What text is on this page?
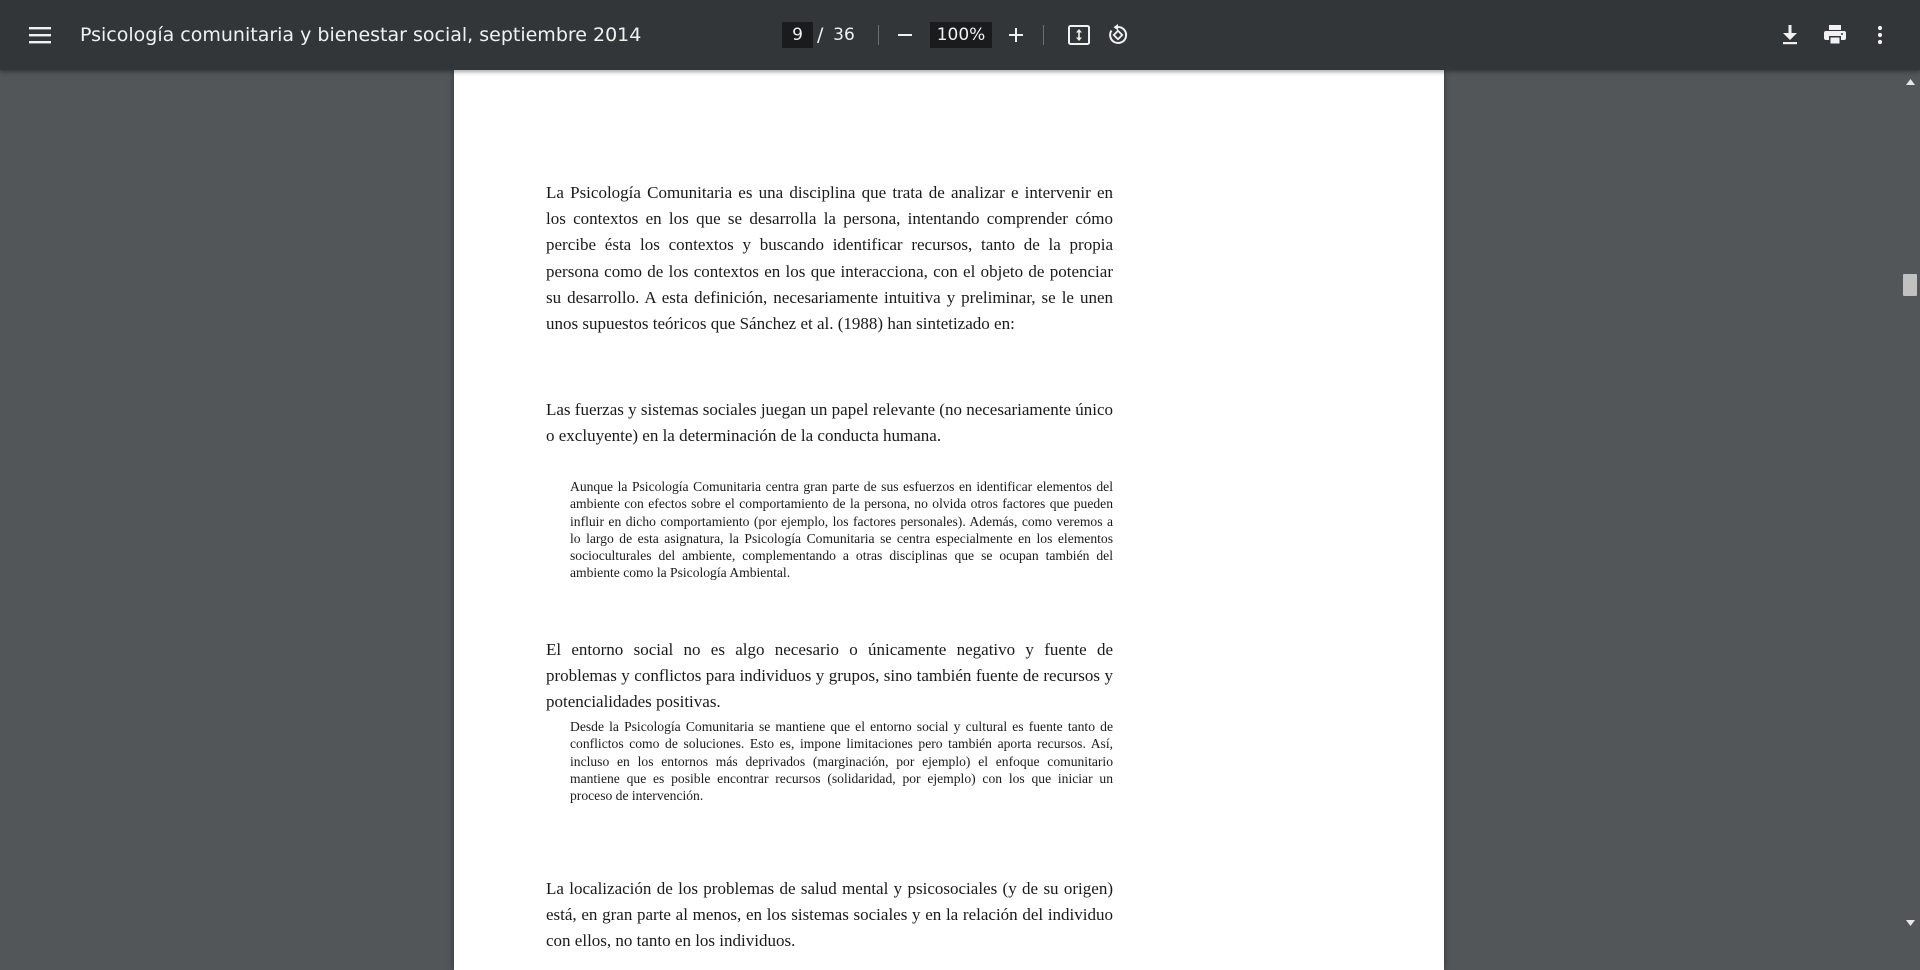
Psicología comunitaria y bienestar social, septiembre 2014	9 / 36	100%

La Psicología Comunitaria es una disciplina que trata de analizar e intervenir en los contextos en los que se desarrolla la persona, intentando comprender cómo percibe ésta los contextos y buscando identificar recursos, tanto de la propia persona como de los contextos en los que interacciona, con el objeto de potenciar su desarrollo. A esta definición, necesariamente intuitiva y preliminar, se le unen unos supuestos teóricos que Sánchez et al. (1988) han sintetizado en:

Las fuerzas y sistemas sociales juegan un papel relevante (no necesariamente único o excluyente) en la determinación de la conducta humana.

Aunque la Psicología Comunitaria centra gran parte de sus esfuerzos en identificar elementos del ambiente con efectos sobre el comportamiento de la persona, no olvida otros factores que pueden influir en dicho comportamiento (por ejemplo, los factores personales). Además, como veremos a lo largo de esta asignatura, la Psicología Comunitaria se centra especialmente en los elementos socioculturales del ambiente, complementando a otras disciplinas que se ocupan también del ambiente como la Psicología Ambiental.

El entorno social no es algo necesario o únicamente negativo y fuente de problemas y conflictos para individuos y grupos, sino también fuente de recursos y potencialidades positivas.

Desde la Psicología Comunitaria se mantiene que el entorno social y cultural es fuente tanto de conflictos como de soluciones. Esto es, impone limitaciones pero también aporta recursos. Así, incluso en los entornos más deprivados (marginación, por ejemplo) el enfoque comunitario mantiene que es posible encontrar recursos (solidaridad, por ejemplo) con los que iniciar un proceso de intervención.

La localización de los problemas de salud mental y psicosociales (y de su origen) está, en gran parte al menos, en los sistemas sociales y en la relación del individuo con ellos, no tanto en los individuos.
